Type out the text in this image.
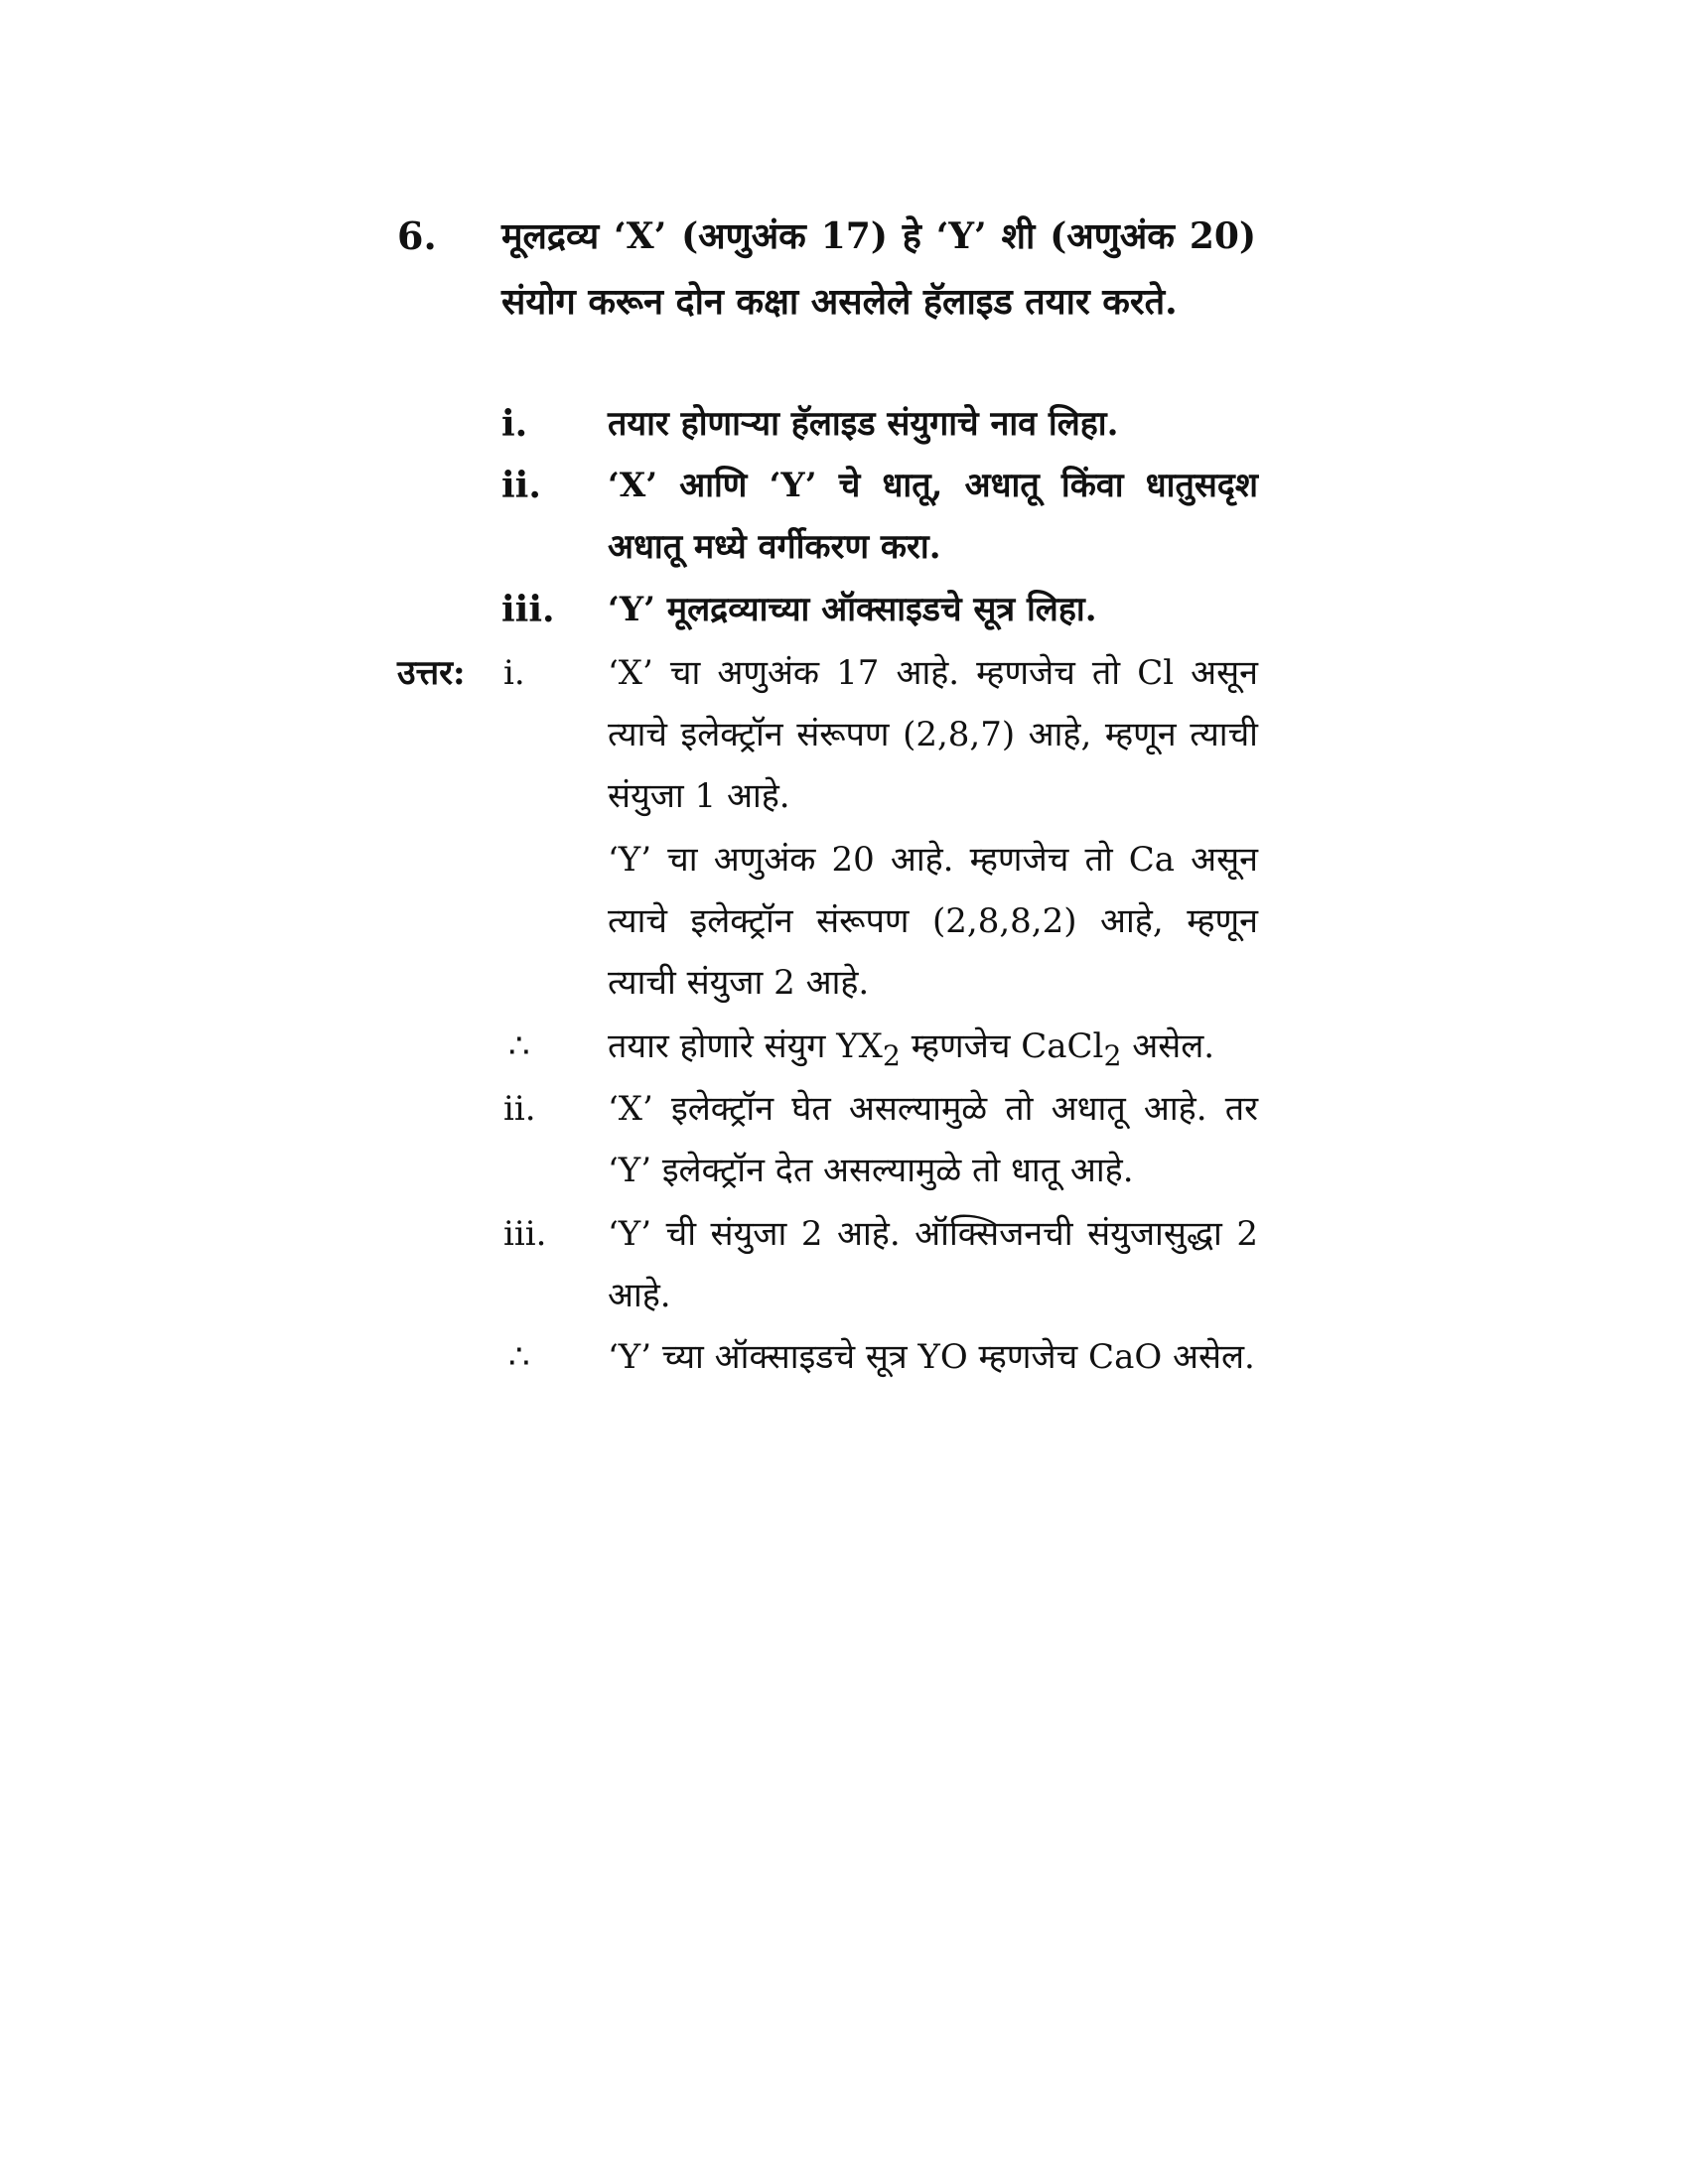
6. मूलद्रव्य ‘X’ (अणुअंक 17) हे ‘Y’ शी (अणुअंक 20) संयोग करून दोन कक्षा असलेले हॅलाइड तयार करते.
i. तयार होणाऱ्या हॅलाइड संयुगाचे नाव लिहा.
ii. ‘X’ आणि ‘Y’ चे धातू, अधातू किंवा धातुसदृश अधातू मध्ये वर्गीकरण करा.
iii. ‘Y’ मूलद्रव्याच्या ऑक्साइडचे सूत्र लिहा.
उत्तर: i. ‘X’ चा अणुअंक 17 आहे. म्हणजेच तो Cl असून त्याचे इलेक्ट्रॉन संरूपण (2,8,7) आहे, म्हणून त्याची संयुजा 1 आहे.
‘Y’ चा अणुअंक 20 आहे. म्हणजेच तो Ca असून त्याचे इलेक्ट्रॉन संरूपण (2,8,8,2) आहे, म्हणून त्याची संयुजा 2 आहे.
∴ तयार होणारे संयुग $YX_2$ म्हणजेच CaCl$_2$ असेल.
ii. ‘X’ इलेक्ट्रॉन घेत असल्यामुळे तो अधातू आहे. तर ‘Y’ इलेक्ट्रॉन देत असल्यामुळे तो धातू आहे.
iii. ‘Y’ ची संयुजा 2 आहे. ऑक्सिजनची संयुजासुद्धा 2 आहे.
∴ ‘Y’ च्या ऑक्साइडचे सूत्र YO म्हणजेच CaO असेल.
